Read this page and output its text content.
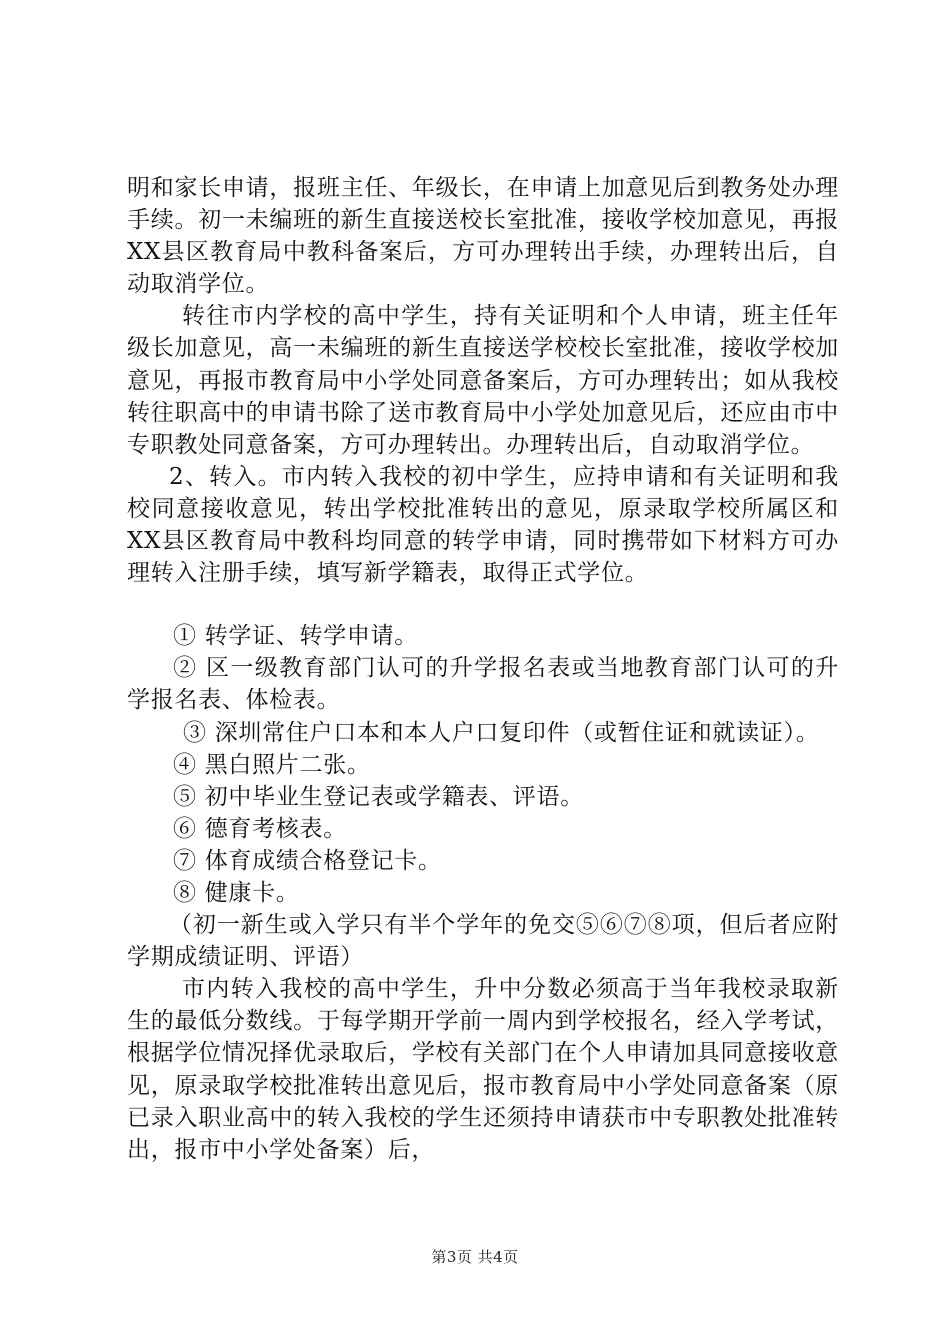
明和家长申请，报班主任、年级长，在申请上加意见后到教务处办理手续。初一未编班的新生直接送校长室批准，接收学校加意见，再报XX县区教育局中教科备案后，方可办理转出手续，办理转出后，自动取消学位。

转往市内学校的高中学生，持有关证明和个人申请，班主任年级长加意见，高一未编班的新生直接送学校校长室批准，接收学校加意见，再报市教育局中小学处同意备案后，方可办理转出；如从我校转往职高中的申请书除了送市教育局中小学处加意见后，还应由市中专职教处同意备案，方可办理转出。办理转出后，自动取消学位。

2、转入。市内转入我校的初中学生，应持申请和有关证明和我校同意接收意见，转出学校批准转出的意见，原录取学校所属区和XX县区教育局中教科均同意的转学申请，同时携带如下材料方可办理转入注册手续，填写新学籍表，取得正式学位。

① 转学证、转学申请。

② 区一级教育部门认可的升学报名表或当地教育部门认可的升学报名表、体检表。

③ 深圳常住户口本和本人户口复印件（或暂住证和就读证）。

④ 黑白照片二张。

⑤ 初中毕业生登记表或学籍表、评语。

⑥ 德育考核表。

⑦ 体育成绩合格登记卡。

⑧ 健康卡。

（初一新生或入学只有半个学年的免交⑤⑥⑦⑧项，但后者应附学期成绩证明、评语）

市内转入我校的高中学生，升中分数必须高于当年我校录取新生的最低分数线。于每学期开学前一周内到学校报名，经入学考试，根据学位情况择优录取后，学校有关部门在个人申请加具同意接收意见，原录取学校批准转出意见后，报市教育局中小学处同意备案（原已录入职业高中的转入我校的学生还须持申请获市中专职教处批准转出，报市中小学处备案）后，

第3页 共4页
